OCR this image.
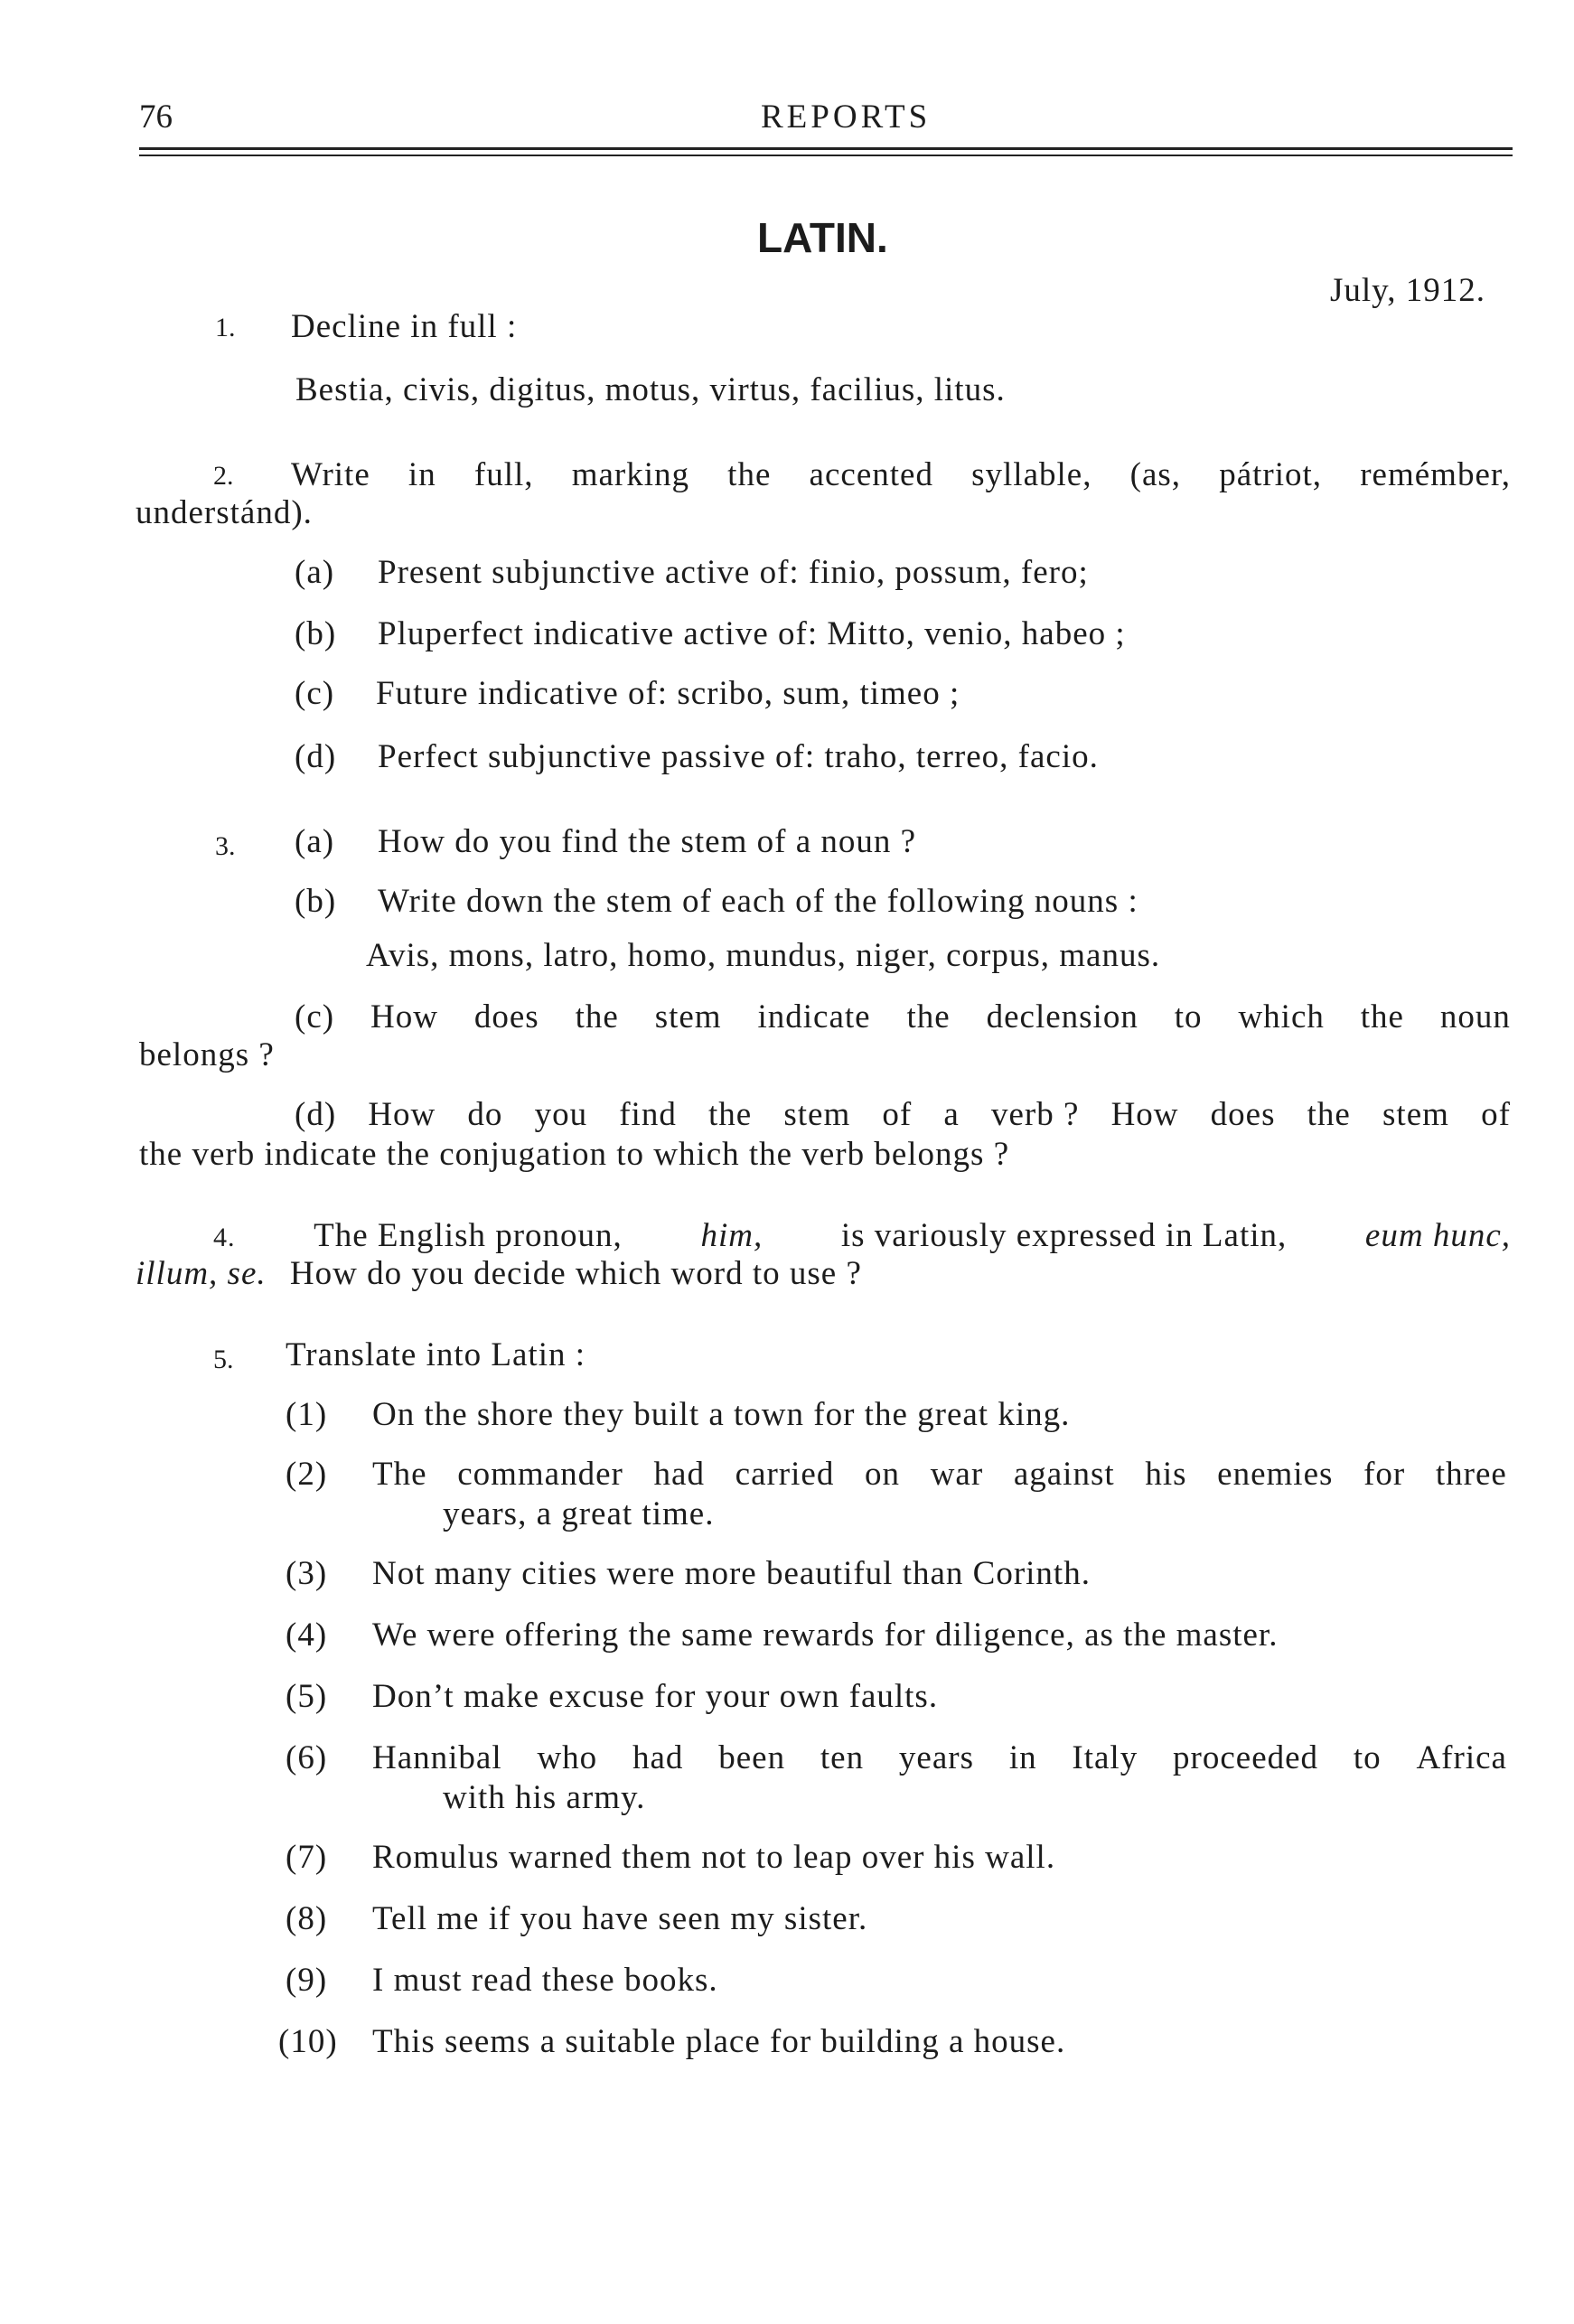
76	REPORTS
LATIN.
July, 1912.
1. Decline in full :
Bestia, civis, digitus, motus, virtus, facilius, litus.
2. Write in full, marking the accented syllable, (as, pátriot, remémber,
understánd).
(a) Present subjunctive active of: finio, possum, fero;
(b) Pluperfect indicative active of: Mitto, venio, habeo ;
(c) Future indicative of: scribo, sum, timeo ;
(d) Perfect subjunctive passive of: traho, terreo, facio.
3. (a) How do you find the stem of a noun ?
(b) Write down the stem of each of the following nouns :
Avis, mons, latro, homo, mundus, niger, corpus, manus.
(c) How does the stem indicate the declension to which the noun
belongs ?
(d) How do you find the stem of a verb ? How does the stem of
the verb indicate the conjugation to which the verb belongs ?
4. The English pronoun, him, is variously expressed in Latin, eum hunc,
illum, se. How do you decide which word to use ?
5. Translate into Latin :
(1) On the shore they built a town for the great king.
(2) The commander had carried on war against his enemies for three
years, a great time.
(3) Not many cities were more beautiful than Corinth.
(4) We were offering the same rewards for diligence, as the master.
(5) Don’t make excuse for your own faults.
(6) Hannibal who had been ten years in Italy proceeded to Africa
with his army.
(7) Romulus warned them not to leap over his wall.
(8) Tell me if you have seen my sister.
(9) I must read these books.
(10) This seems a suitable place for building a house.
